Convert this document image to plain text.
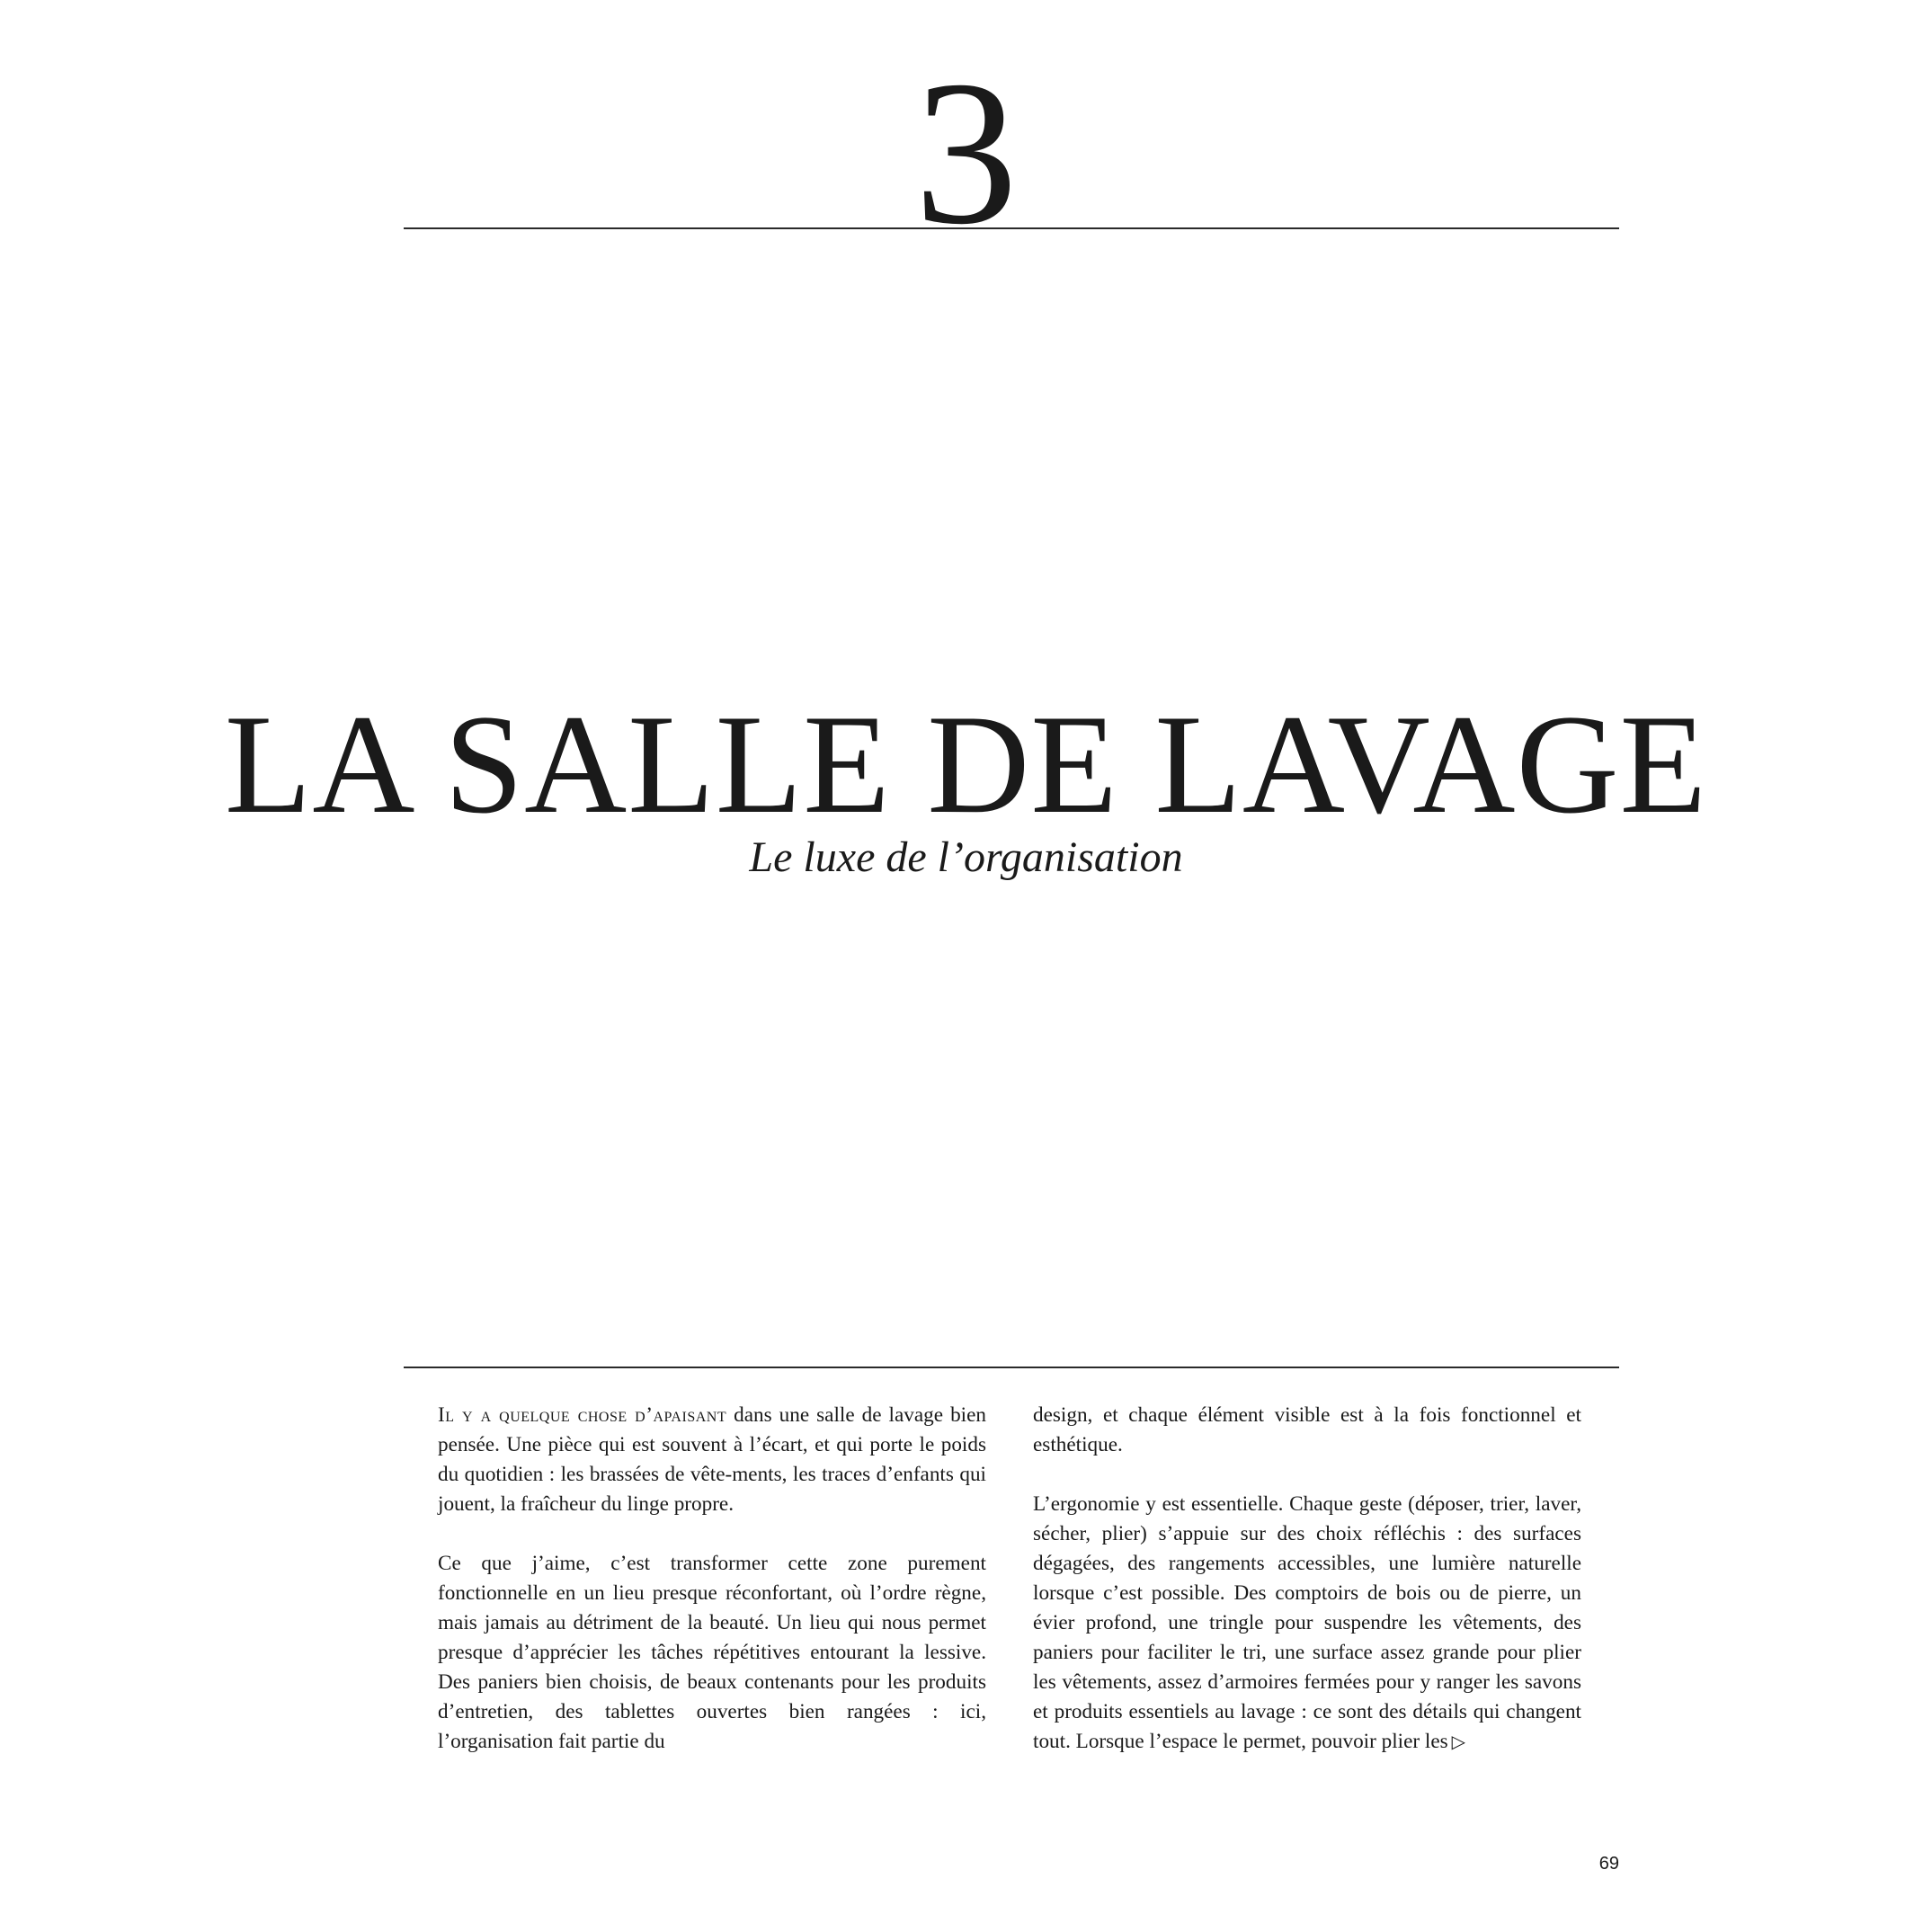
3
LA SALLE DE LAVAGE
Le luxe de l’organisation

Il y a quelque chose d’apaisant dans une salle de lavage bien pensée. Une pièce qui est souvent à l’écart, et qui porte le poids du quotidien : les brassées de vête-ments, les traces d’enfants qui jouent, la fraîcheur du linge propre.

Ce que j’aime, c’est transformer cette zone purement fonctionnelle en un lieu presque réconfortant, où l’ordre règne, mais jamais au détriment de la beauté. Un lieu qui nous permet presque d’apprécier les tâches répétitives entourant la lessive. Des paniers bien choisis, de beaux contenants pour les produits d’entretien, des tablettes ouvertes bien rangées : ici, l’organisation fait partie du

design, et chaque élément visible est à la fois fonctionnel et esthétique.

L’ergonomie y est essentielle. Chaque geste (déposer, trier, laver, sécher, plier) s’appuie sur des choix réfléchis : des surfaces dégagées, des rangements accessibles, une lumière naturelle lorsque c’est possible. Des comptoirs de bois ou de pierre, un évier profond, une tringle pour suspendre les vêtements, des paniers pour faciliter le tri, une surface assez grande pour plier les vêtements, assez d’armoires fermées pour y ranger les savons et produits essentiels au lavage : ce sont des détails qui changent tout. Lorsque l’espace le permet, pouvoir plier les ▷

69
